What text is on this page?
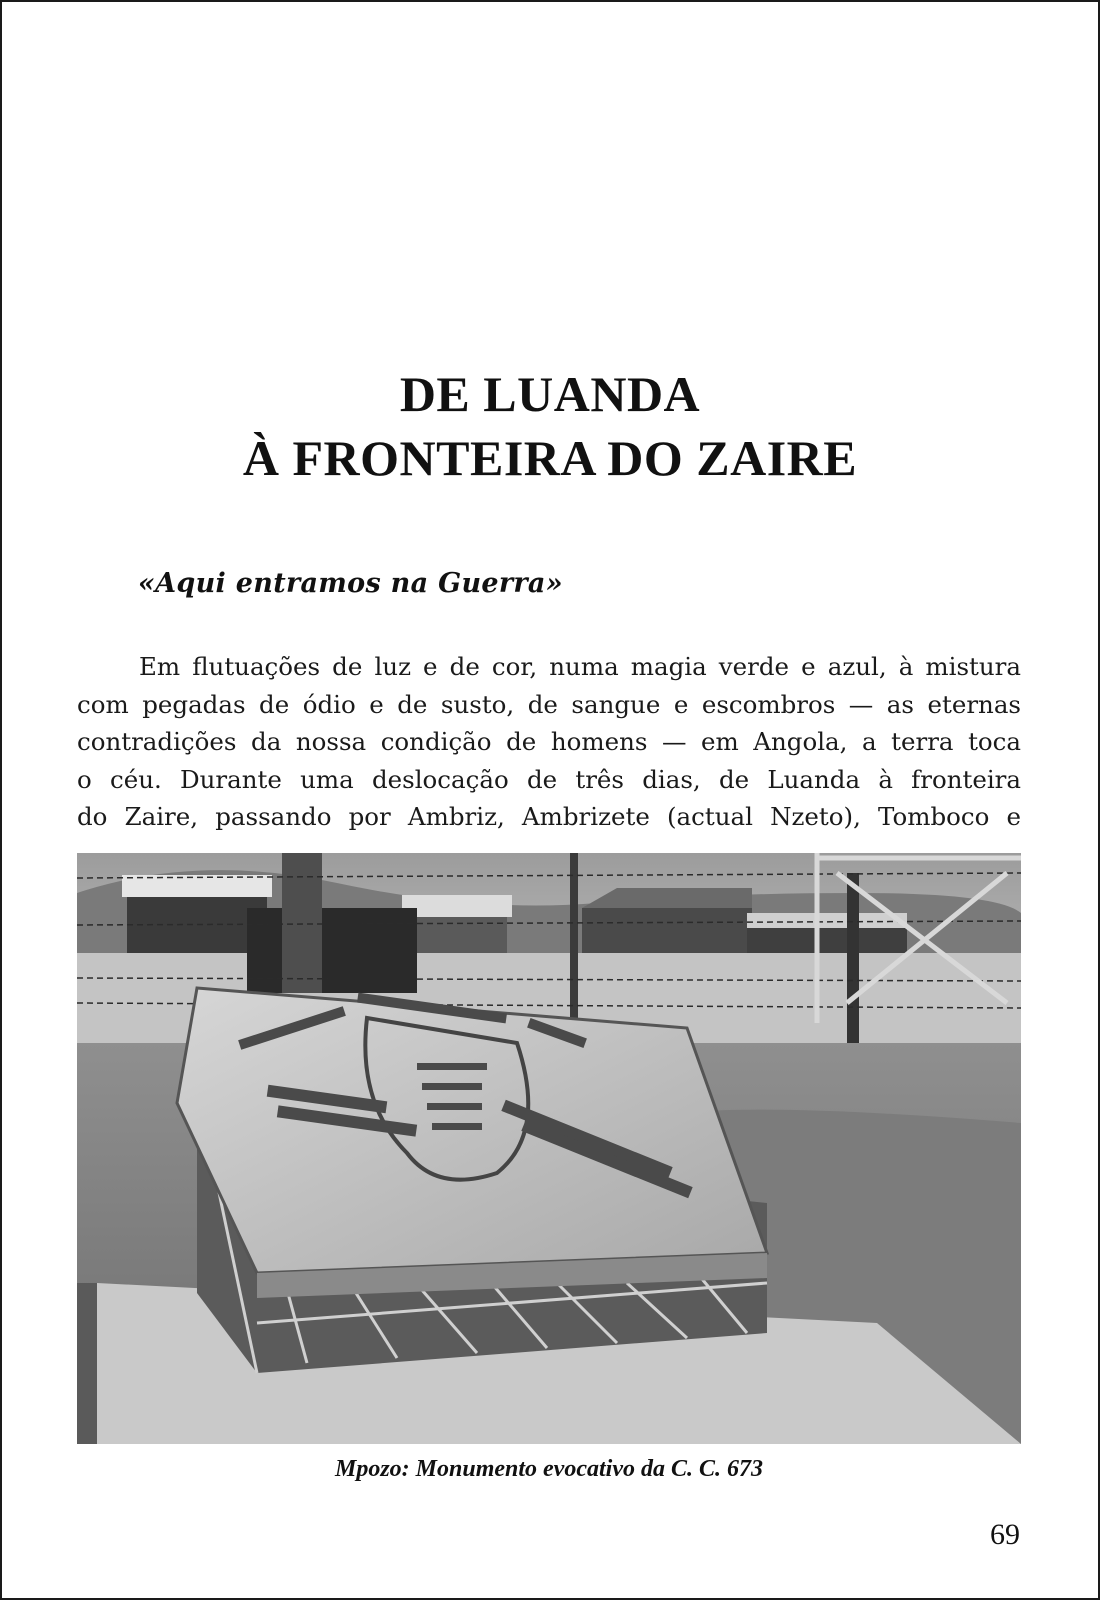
DE LUANDA
À FRONTEIRA DO ZAIRE
«Aqui entramos na Guerra»

Em flutuações de luz e de cor, numa magia verde e azul, à mistura
com pegadas de ódio e de susto, de sangue e escombros — as eternas
contradições da nossa condição de homens — em Angola, a terra toca
o céu. Durante uma deslocação de três dias, de Luanda à fronteira
do Zaire, passando por Ambriz, Ambrizete (actual Nzeto), Tomboco e

Mpozo: Monumento evocativo da C. C. 673

69
